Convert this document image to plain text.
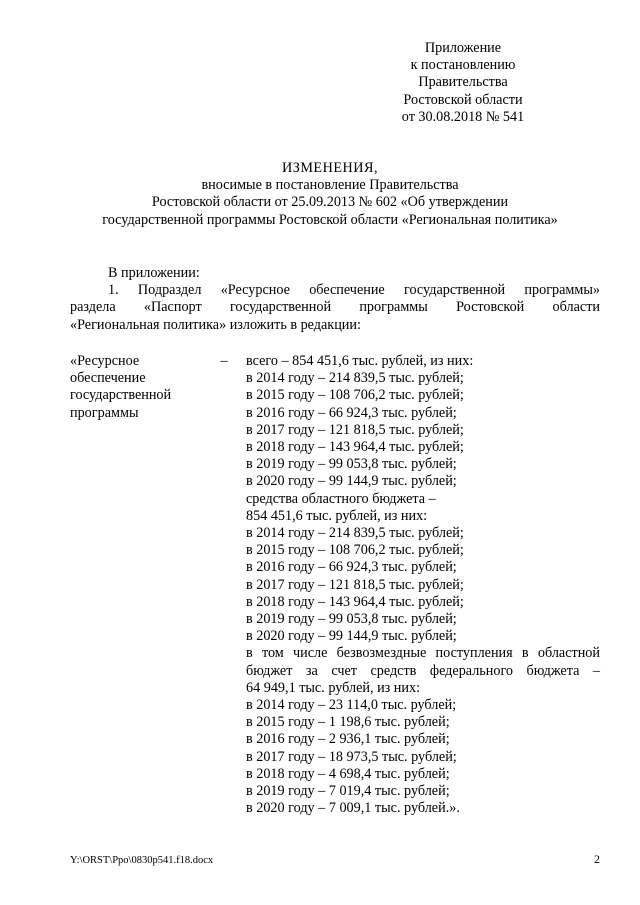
Приложение
к постановлению
Правительства
Ростовской области
от 30.08.2018 № 541
ИЗМЕНЕНИЯ,
вносимые в постановление Правительства
Ростовской области от 25.09.2013 № 602 «Об утверждении
государственной программы Ростовской области «Региональная политика»
В приложении:
1. Подраздел «Ресурсное обеспечение государственной программы»
раздела «Паспорт государственной программы Ростовской области
«Региональная политика» изложить в редакции:
«Ресурсное
обеспечение
государственной
программы
–	всего – 854 451,6 тыс. рублей, из них:
в 2014 году – 214 839,5 тыс. рублей;
в 2015 году – 108 706,2 тыс. рублей;
в 2016 году – 66 924,3 тыс. рублей;
в 2017 году – 121 818,5 тыс. рублей;
в 2018 году – 143 964,4 тыс. рублей;
в 2019 году – 99 053,8 тыс. рублей;
в 2020 году – 99 144,9 тыс. рублей;
средства областного бюджета –
854 451,6 тыс. рублей, из них:
в 2014 году – 214 839,5 тыс. рублей;
в 2015 году – 108 706,2 тыс. рублей;
в 2016 году – 66 924,3 тыс. рублей;
в 2017 году – 121 818,5 тыс. рублей;
в 2018 году – 143 964,4 тыс. рублей;
в 2019 году – 99 053,8 тыс. рублей;
в 2020 году – 99 144,9 тыс. рублей;
в том числе безвозмездные поступления в областной
бюджет за счет средств федерального бюджета –
64 949,1 тыс. рублей, из них:
в 2014 году – 23 114,0 тыс. рублей;
в 2015 году – 1 198,6 тыс. рублей;
в 2016 году – 2 936,1 тыс. рублей;
в 2017 году – 18 973,5 тыс. рублей;
в 2018 году – 4 698,4 тыс. рублей;
в 2019 году – 7 019,4 тыс. рублей;
в 2020 году – 7 009,1 тыс. рублей.».
Y:\ORST\Ppo\0830p541.f18.docx	2
